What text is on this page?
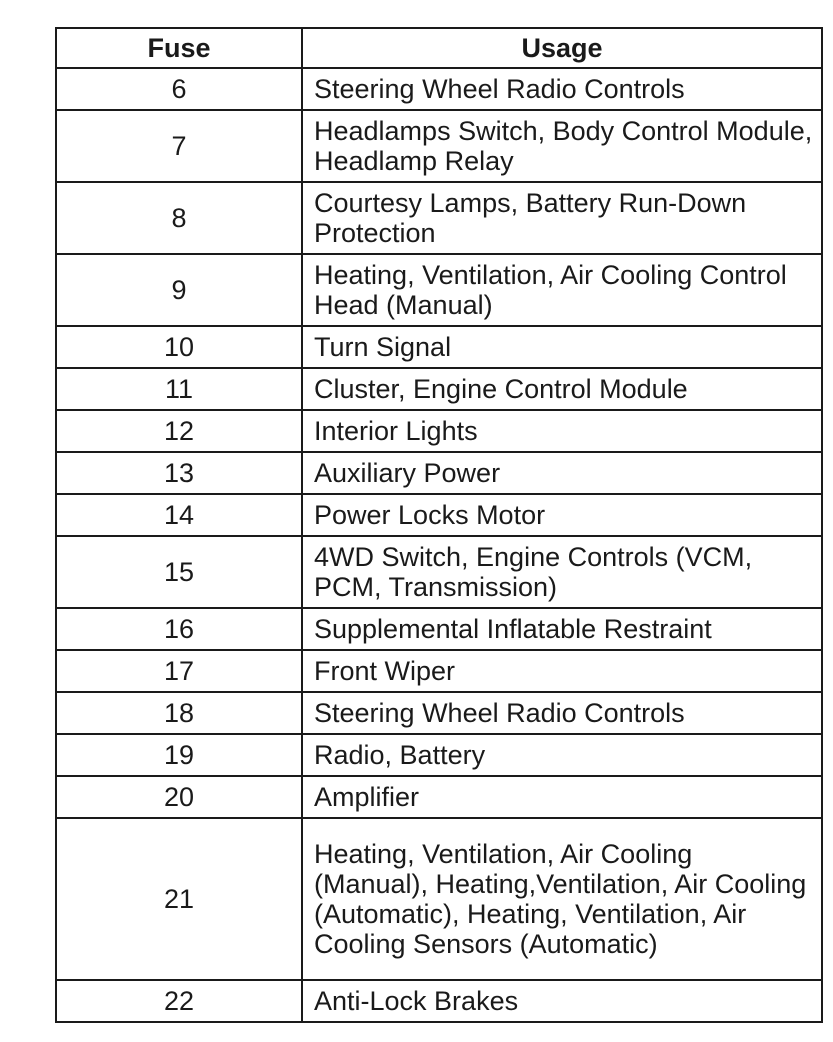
Fuse	Usage
6	Steering Wheel Radio Controls
7	Headlamps Switch, Body Control Module, Headlamp Relay
8	Courtesy Lamps, Battery Run-Down Protection
9	Heating, Ventilation, Air Cooling Control Head (Manual)
10	Turn Signal
11	Cluster, Engine Control Module
12	Interior Lights
13	Auxiliary Power
14	Power Locks Motor
15	4WD Switch, Engine Controls (VCM, PCM, Transmission)
16	Supplemental Inflatable Restraint
17	Front Wiper
18	Steering Wheel Radio Controls
19	Radio, Battery
20	Amplifier
21	Heating, Ventilation, Air Cooling (Manual), Heating,Ventilation, Air Cooling (Automatic), Heating, Ventilation, Air Cooling Sensors (Automatic)
22	Anti-Lock Brakes
